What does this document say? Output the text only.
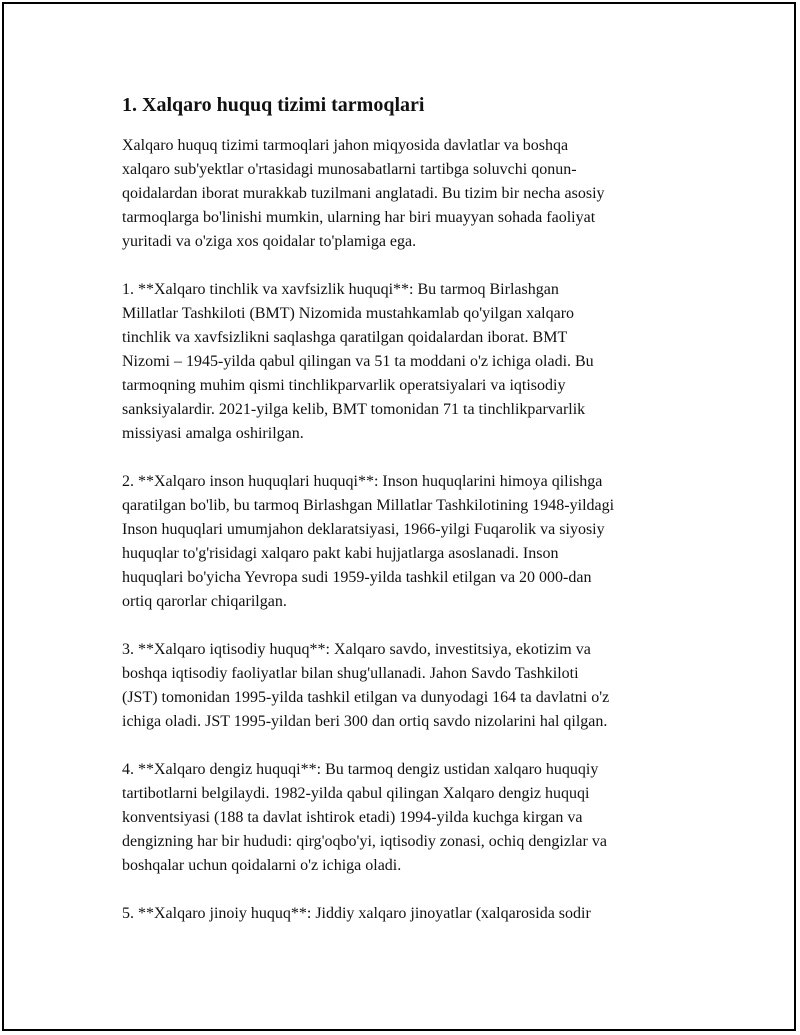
1. Xalqaro huquq tizimi tarmoqlari

Xalqaro huquq tizimi tarmoqlari jahon miqyosida davlatlar va boshqa
xalqaro sub'yektlar o'rtasidagi munosabatlarni tartibga soluvchi qonun-
qoidalardan iborat murakkab tuzilmani anglatadi. Bu tizim bir necha asosiy
tarmoqlarga bo'linishi mumkin, ularning har biri muayyan sohada faoliyat
yuritadi va o'ziga xos qoidalar to'plamiga ega.

1. **Xalqaro tinchlik va xavfsizlik huquqi**: Bu tarmoq Birlashgan
Millatlar Tashkiloti (BMT) Nizomida mustahkamlab qo'yilgan xalqaro
tinchlik va xavfsizlikni saqlashga qaratilgan qoidalardan iborat. BMT
Nizomi – 1945-yilda qabul qilingan va 51 ta moddani o'z ichiga oladi. Bu
tarmoqning muhim qismi tinchlikparvarlik operatsiyalari va iqtisodiy
sanksiyalardir. 2021-yilga kelib, BMT tomonidan 71 ta tinchlikparvarlik
missiyasi amalga oshirilgan.

2. **Xalqaro inson huquqlari huquqi**: Inson huquqlarini himoya qilishga
qaratilgan bo'lib, bu tarmoq Birlashgan Millatlar Tashkilotining 1948-yildagi
Inson huquqlari umumjahon deklaratsiyasi, 1966-yilgi Fuqarolik va siyosiy
huquqlar to'g'risidagi xalqaro pakt kabi hujjatlarga asoslanadi. Inson
huquqlari bo'yicha Yevropa sudi 1959-yilda tashkil etilgan va 20 000-dan
ortiq qarorlar chiqarilgan.

3. **Xalqaro iqtisodiy huquq**: Xalqaro savdo, investitsiya, ekotizim va
boshqa iqtisodiy faoliyatlar bilan shug'ullanadi. Jahon Savdo Tashkiloti
(JST) tomonidan 1995-yilda tashkil etilgan va dunyodagi 164 ta davlatni o'z
ichiga oladi. JST 1995-yildan beri 300 dan ortiq savdo nizolarini hal qilgan.

4. **Xalqaro dengiz huquqi**: Bu tarmoq dengiz ustidan xalqaro huquqiy
tartibotlarni belgilaydi. 1982-yilda qabul qilingan Xalqaro dengiz huquqi
konventsiyasi (188 ta davlat ishtirok etadi) 1994-yilda kuchga kirgan va
dengizning har bir hududi: qirg'oqbo'yi, iqtisodiy zonasi, ochiq dengizlar va
boshqalar uchun qoidalarni o'z ichiga oladi.

5. **Xalqaro jinoiy huquq**: Jiddiy xalqaro jinoyatlar (xalqarosida sodir
